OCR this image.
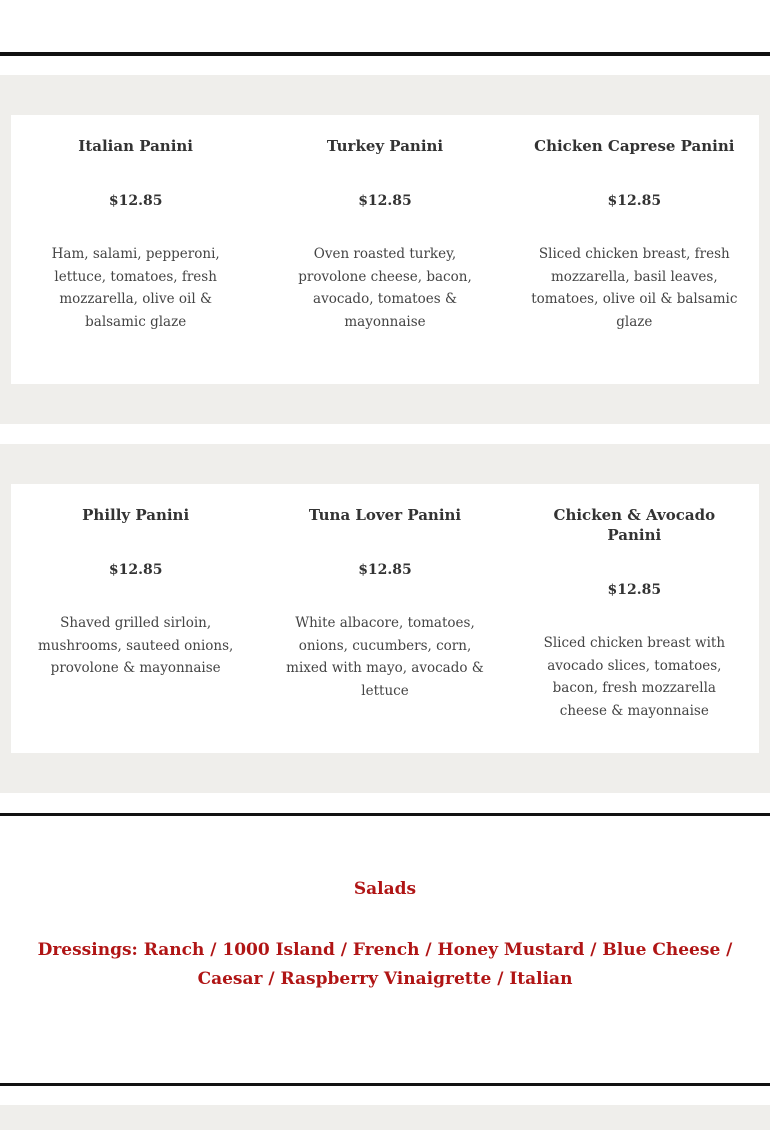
Italian Panini
$12.85
Ham, salami, pepperoni, lettuce, tomatoes, fresh mozzarella, olive oil & balsamic glaze
Turkey Panini
$12.85
Oven roasted turkey, provolone cheese, bacon, avocado, tomatoes & mayonnaise
Chicken Caprese Panini
$12.85
Sliced chicken breast, fresh mozzarella, basil leaves, tomatoes, olive oil & balsamic glaze
Philly Panini
$12.85
Shaved grilled sirloin, mushrooms, sauteed onions, provolone & mayonnaise
Tuna Lover Panini
$12.85
White albacore, tomatoes, onions, cucumbers, corn, mixed with mayo, avocado & lettuce
Chicken & Avocado Panini
$12.85
Sliced chicken breast with avocado slices, tomatoes, bacon, fresh mozzarella cheese & mayonnaise
Salads
Dressings: Ranch / 1000 Island / French / Honey Mustard / Blue Cheese / Caesar / Raspberry Vinaigrette / Italian
